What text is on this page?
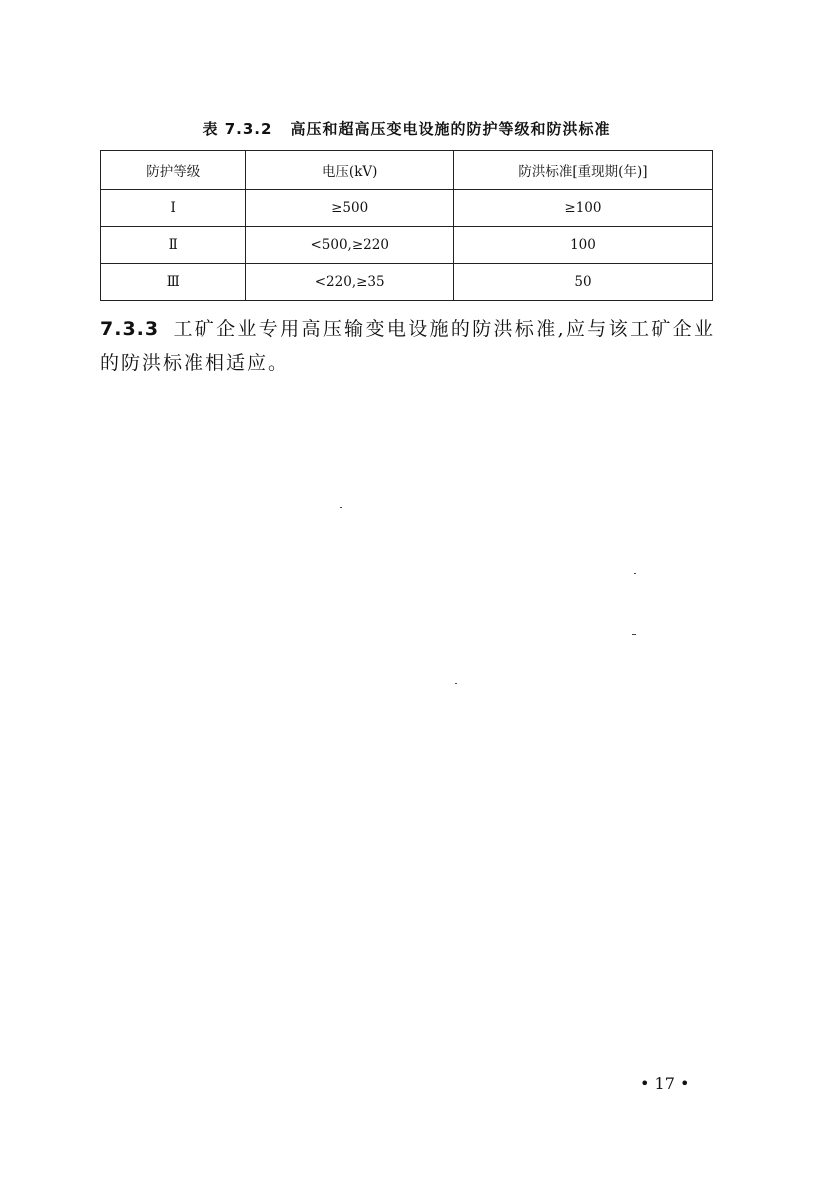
表 7.3.2 高压和超高压变电设施的防护等级和防洪标准
防护等级	电压(kV)	防洪标准[重现期(年)]
Ⅰ	≥500	≥100
Ⅱ	<500,≥220	100
Ⅲ	<220,≥35	50
7.3.3 工矿企业专用高压输变电设施的防洪标准,应与该工矿企业的防洪标准相适应。
• 17 •
